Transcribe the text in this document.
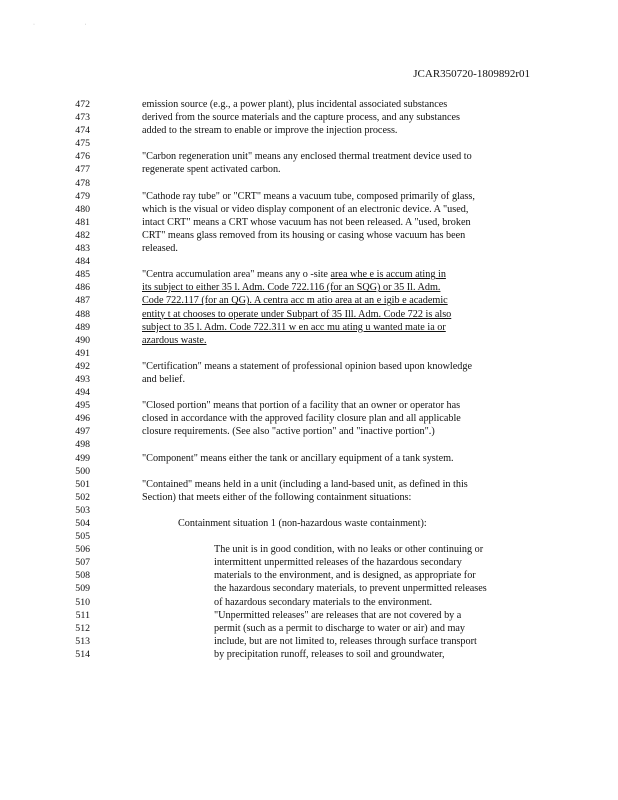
· ·
JCAR350720-1809892r01
472	emission source (e.g., a power plant), plus incidental associated substances
473	derived from the source materials and the capture process, and any substances
474	added to the stream to enable or improve the injection process.
475
476	"Carbon regeneration unit" means any enclosed thermal treatment device used to
477	regenerate spent activated carbon.
478
479	"Cathode ray tube" or "CRT" means a vacuum tube, composed primarily of glass,
480	which is the visual or video display component of an electronic device. A "used,
481	intact CRT" means a CRT whose vacuum has not been released. A "used, broken
482	CRT" means glass removed from its housing or casing whose vacuum has been
483	released.
484
485	"Centra accumulation area" means any o -site area whe e is accum ating in
486	its subject to either 35 l. Adm. Code 722.116 (for an SQG) or 35 Il. Adm.
487	Code 722.117 (for an QG). A centra acc m atio area at an e igib e academic
488	entity t at chooses to operate under Subpart of 35 Ill. Adm. Code 722 is also
489	subject to 35 l. Adm. Code 722.311 w en acc mu ating u wanted mate ia or
490	azardous waste.
491
492	"Certification" means a statement of professional opinion based upon knowledge
493	and belief.
494
495	"Closed portion" means that portion of a facility that an owner or operator has
496	closed in accordance with the approved facility closure plan and all applicable
497	closure requirements. (See also "active portion" and "inactive portion".)
498
499	"Component" means either the tank or ancillary equipment of a tank system.
500
501	"Contained" means held in a unit (including a land-based unit, as defined in this
502	Section) that meets either of the following containment situations:
503
504	Containment situation 1 (non-hazardous waste containment):
505
506	The unit is in good condition, with no leaks or other continuing or
507	intermittent unpermitted releases of the hazardous secondary
508	materials to the environment, and is designed, as appropriate for
509	the hazardous secondary materials, to prevent unpermitted releases
510	of hazardous secondary materials to the environment.
511	"Unpermitted releases" are releases that are not covered by a
512	permit (such as a permit to discharge to water or air) and may
513	include, but are not limited to, releases through surface transport
514	by precipitation runoff, releases to soil and groundwater,
